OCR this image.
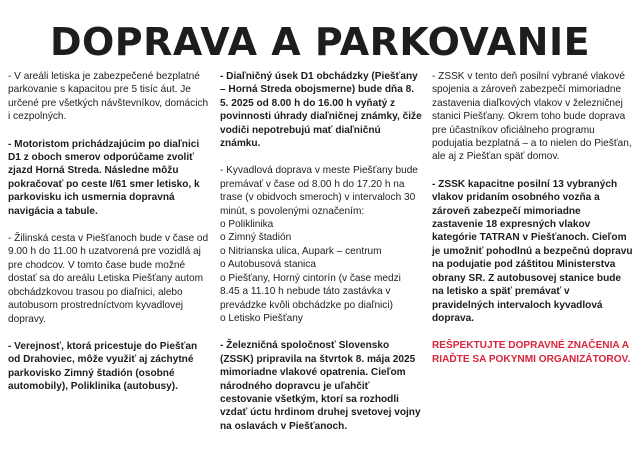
DOPRAVA A PARKOVANIE

- V areáli letiska je zabezpečené bezplatné parkovanie s kapacitou pre 5 tisíc áut. Je určené pre všetkých návštevníkov, domácich i cezpolných.

- Motoristom prichádzajúcim po diaľnici D1 z oboch smerov odporúčame zvoliť zjazd Horná Streda. Následne môžu pokračovať po ceste I/61 smer letisko, k parkovisku ich usmernia dopravná navigácia a tabule.

- Žilinská cesta v Piešťanoch bude v čase od 9.00 h do 11.00 h uzatvorená pre vozidlá aj pre chodcov. V tomto čase bude možné dostať sa do areálu Letiska Piešťany autom obchádzkovou trasou po diaľnici, alebo autobusom prostredníctvom kyvadlovej dopravy.

- Verejnosť, ktorá pricestuje do Piešťan od Drahoviec, môže využiť aj záchytné parkovisko Zimný štadión (osobné automobily), Poliklinika (autobusy).

- Diaľničný úsek D1 obchádzky (Piešťany – Horná Streda obojsmerne) bude dňa 8. 5. 2025 od 8.00 h do 16.00 h vyňatý z povinnosti úhrady diaľničnej známky, čiže vodiči nepotrebujú mať diaľničnú známku.

- Kyvadlová doprava v meste Piešťany bude premávať v čase od 8.00 h do 17.20 h na trase (v obidvoch smeroch) v intervaloch 30 minút, s povolenými označením:
o Poliklinika
o Zimný štadión
o Nitrianska ulica, Aupark – centrum
o Autobusová stanica
o Piešťany, Horný cintorín (v čase medzi 8.45 a 11.10 h nebude táto zastávka v prevádzke kvôli obchádzke po diaľnici)
o Letisko Piešťany

- Železničná spoločnosť Slovensko (ZSSK) pripravila na štvrtok 8. mája 2025 mimoriadne vlakové opatrenia. Cieľom národného dopravcu je uľahčiť cestovanie všetkým, ktorí sa rozhodli vzdať úctu hrdinom druhej svetovej vojny na oslavách v Piešťanoch.

- ZSSK v tento deň posilní vybrané vlakové spojenia a zároveň zabezpečí mimoriadne zastavenia diaľkových vlakov v železničnej stanici Piešťany. Okrem toho bude doprava pre účastníkov oficiálneho programu podujatia bezplatná – a to nielen do Piešťan, ale aj z Piešťan späť domov.

- ZSSK kapacitne posilní 13 vybraných vlakov pridaním osobného vozňa a zároveň zabezpečí mimoriadne zastavenie 18 expresných vlakov kategórie TATRAN v Piešťanoch. Cieľom je umožniť pohodlnú a bezpečnú dopravu na podujatie pod záštitou Ministerstva obrany SR. Z autobusovej stanice bude na letisko a späť premávať v pravidelných intervaloch kyvadlová doprava.

REŠPEKTUJTE DOPRAVNÉ ZNAČENIA A RIAĎTE SA POKYNMI ORGANIZÁTOROV.
